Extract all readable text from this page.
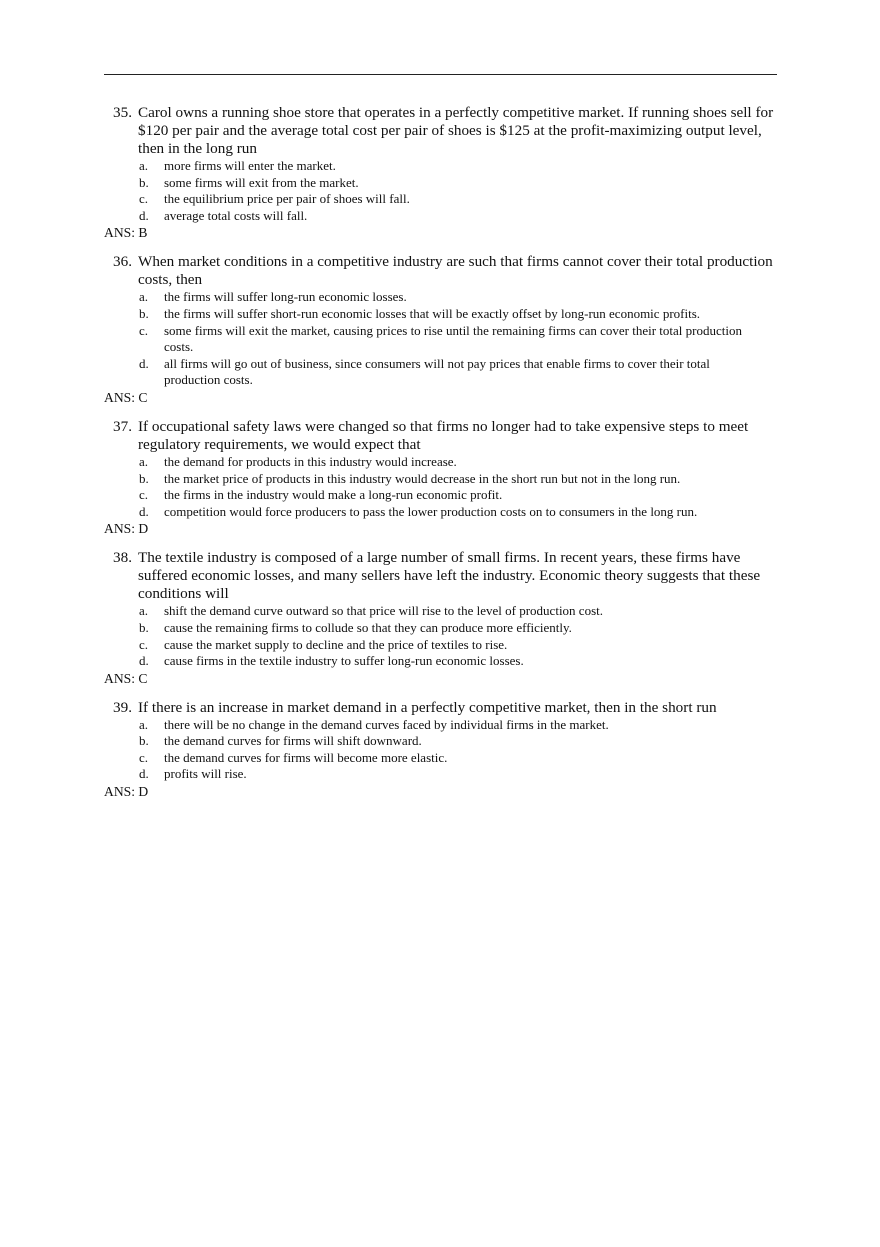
35. Carol owns a running shoe store that operates in a perfectly competitive market. If running shoes sell for $120 per pair and the average total cost per pair of shoes is $125 at the profit-maximizing output level, then in the long run
a. more firms will enter the market.
b. some firms will exit from the market.
c. the equilibrium price per pair of shoes will fall.
d. average total costs will fall.
ANS: B
36. When market conditions in a competitive industry are such that firms cannot cover their total production costs, then
a. the firms will suffer long-run economic losses.
b. the firms will suffer short-run economic losses that will be exactly offset by long-run economic profits.
c. some firms will exit the market, causing prices to rise until the remaining firms can cover their total production costs.
d. all firms will go out of business, since consumers will not pay prices that enable firms to cover their total production costs.
ANS: C
37. If occupational safety laws were changed so that firms no longer had to take expensive steps to meet regulatory requirements, we would expect that
a. the demand for products in this industry would increase.
b. the market price of products in this industry would decrease in the short run but not in the long run.
c. the firms in the industry would make a long-run economic profit.
d. competition would force producers to pass the lower production costs on to consumers in the long run.
ANS: D
38. The textile industry is composed of a large number of small firms. In recent years, these firms have suffered economic losses, and many sellers have left the industry. Economic theory suggests that these conditions will
a. shift the demand curve outward so that price will rise to the level of production cost.
b. cause the remaining firms to collude so that they can produce more efficiently.
c. cause the market supply to decline and the price of textiles to rise.
d. cause firms in the textile industry to suffer long-run economic losses.
ANS: C
39. If there is an increase in market demand in a perfectly competitive market, then in the short run
a. there will be no change in the demand curves faced by individual firms in the market.
b. the demand curves for firms will shift downward.
c. the demand curves for firms will become more elastic.
d. profits will rise.
ANS: D
